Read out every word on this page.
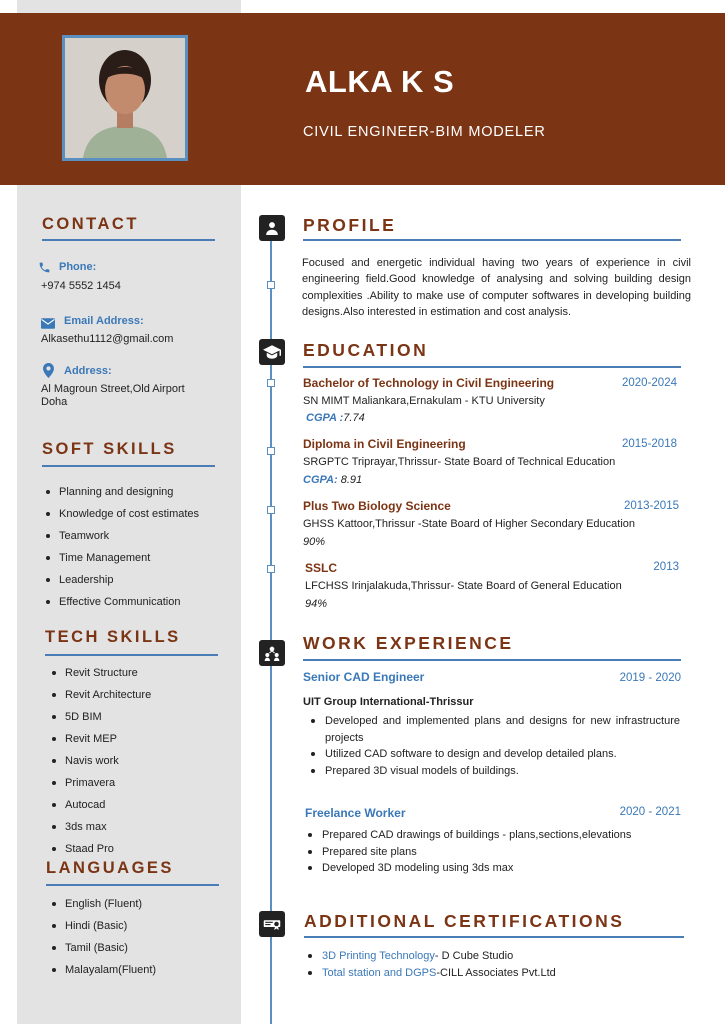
ALKA K S
CIVIL ENGINEER-BIM MODELER
CONTACT
Phone:
+974 5552 1454
Email Address:
Alkasethu1112@gmail.com
Address:
Al Magroun Street,Old Airport
Doha
SOFT SKILLS
Planning and designing
Knowledge of cost estimates
Teamwork
Time Management
Leadership
Effective Communication
TECH SKILLS
Revit Structure
Revit Architecture
5D BIM
Revit MEP
Navis work
Primavera
Autocad
3ds max
Staad Pro
LANGUAGES
English (Fluent)
Hindi (Basic)
Tamil (Basic)
Malayalam(Fluent)
PROFILE

Focused and energetic individual having two years of experience in civil engineering field.Good knowledge of analysing and solving building design complexities .Ability to make use of computer softwares in developing building designs.Also interested in estimation and cost analysis.

EDUCATION
Bachelor of Technology in Civil Engineering	2020-2024
SN MIMT Maliankara,Ernakulam - KTU University
CGPA :7.74
Diploma in Civil Engineering	2015-2018
SRGPTC Triprayar,Thrissur- State Board of Technical Education
CGPA: 8.91
Plus Two Biology Science	2013-2015
GHSS Kattoor,Thrissur -State Board of Higher Secondary Education
90%
SSLC	2013
LFCHSS Irinjalakuda,Thrissur- State Board of General Education
94%
WORK EXPERIENCE
Senior CAD Engineer	2019 - 2020
UIT Group International-Thrissur
Developed and implemented plans and designs for new infrastructure projects
Utilized CAD software to design and develop detailed plans.
Prepared 3D visual models of buildings.
Freelance Worker	2020 - 2021
Prepared CAD drawings of buildings - plans,sections,elevations
Prepared site plans
Developed 3D modeling using 3ds max
ADDITIONAL CERTIFICATIONS
3D Printing Technology- D Cube Studio
Total station and DGPS-CILL Associates Pvt.Ltd
